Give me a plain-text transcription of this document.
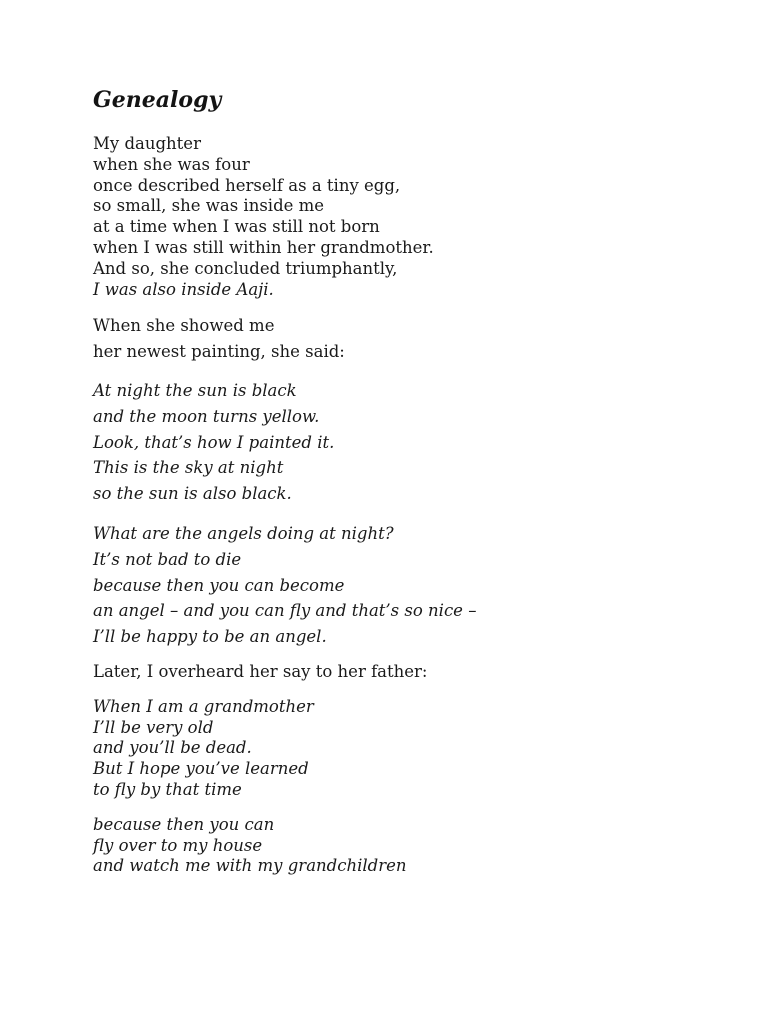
Genealogy
My daughter
when she was four
once described herself as a tiny egg,
so small, she was inside me
at a time when I was still not born
when I was still within her grandmother.
And so, she concluded triumphantly,
I was also inside Aaji.
When she showed me
her newest painting, she said:
At night the sun is black
and the moon turns yellow.
Look, that’s how I painted it.
This is the sky at night
so the sun is also black.
What are the angels doing at night?
It’s not bad to die
because then you can become
an angel – and you can fly and that’s so nice –
I’ll be happy to be an angel.
Later, I overheard her say to her father:
When I am a grandmother
I’ll be very old
and you’ll be dead.
But I hope you’ve learned
to fly by that time
because then you can
fly over to my house
and watch me with my grandchildren
